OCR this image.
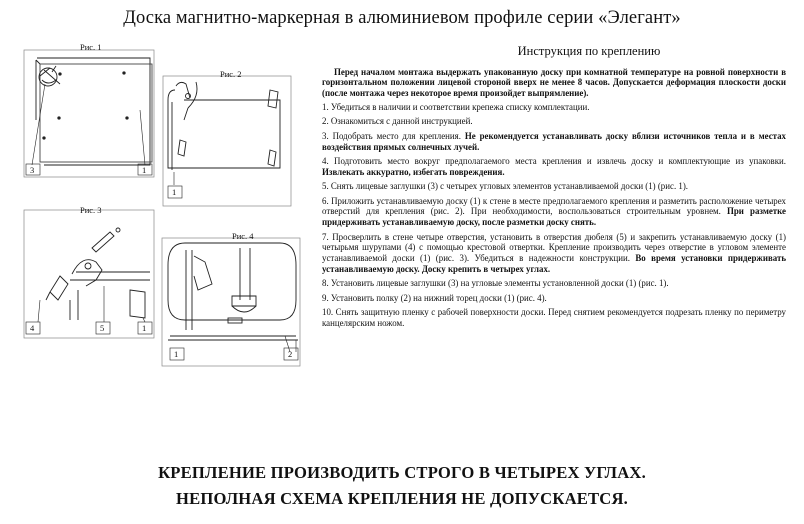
Доска магнитно-маркерная в алюминиевом профиле серии «Элегант»
Рис. 1
3	1
Рис. 2
1
Рис. 3
4	5	1
Рис. 4
1	2
Инструкция по креплению

Перед началом монтажа выдержать упакованную доску при комнатной температуре на ровной поверхности в горизонтальном положении лицевой стороной вверх не менее 8 часов. Допускается деформация плоскости доски (после монтажа через некоторое время произойдет выпрямление).

1. Убедиться в наличии и соответствии крепежа списку комплектации.

2. Ознакомиться с данной инструкцией.

3. Подобрать место для крепления. Не рекомендуется устанавливать доску вблизи источников тепла и в местах воздействия прямых солнечных лучей.

4. Подготовить место вокруг предполагаемого места крепления и извлечь доску и комплектующие из упаковки. Извлекать аккуратно, избегать повреждения.

5. Снять лицевые заглушки (3) с четырех угловых элементов устанавливаемой доски (1) (рис. 1).

6. Приложить устанавливаемую доску (1) к стене в месте предполагаемого крепления и разметить расположение четырех отверстий для крепления (рис. 2). При необходимости, воспользоваться строительным уровнем. При разметке придерживать устанавливаемую доску, после разметки доску снять.

7. Просверлить в стене четыре отверстия, установить в отверстия дюбеля (5) и закрепить устанавливаемую доску (1) четырьмя шурупами (4) с помощью крестовой отвертки. Крепление производить через отверстие в угловом элементе устанавливаемой доски (1) (рис. 3). Убедиться в надежности конструкции. Во время установки придерживать устанавливаемую доску. Доску крепить в четырех углах.

8. Установить лицевые заглушки (3) на угловые элементы установленной доски (1) (рис. 1).

9. Установить полку (2) на нижний торец доски (1) (рис. 4).

10. Снять защитную пленку с рабочей поверхности доски. Перед снятием рекомендуется подрезать пленку по периметру канцелярским ножом.

КРЕПЛЕНИЕ ПРОИЗВОДИТЬ СТРОГО В ЧЕТЫРЕХ УГЛАХ.
НЕПОЛНАЯ СХЕМА КРЕПЛЕНИЯ НЕ ДОПУСКАЕТСЯ.
